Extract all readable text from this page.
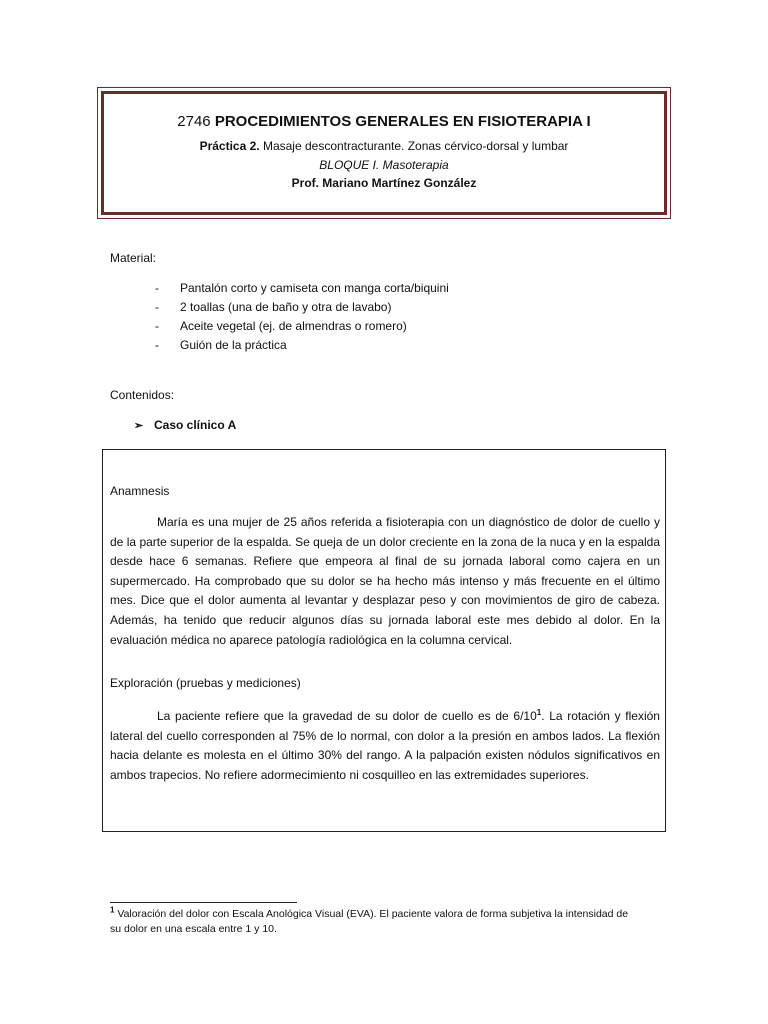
2746 PROCEDIMIENTOS GENERALES EN FISIOTERAPIA I
Práctica 2. Masaje descontracturante. Zonas cérvico-dorsal y lumbar
BLOQUE I. Masoterapia
Prof. Mariano Martínez González
Material:
- Pantalón corto y camiseta con manga corta/biquini
- 2 toallas (una de baño y otra de lavabo)
- Aceite vegetal (ej. de almendras o romero)
- Guión de la práctica
Contenidos:
➢ Caso clínico A
Anamnesis
María es una mujer de 25 años referida a fisioterapia con un diagnóstico de dolor de cuello y de la parte superior de la espalda. Se queja de un dolor creciente en la zona de la nuca y en la espalda desde hace 6 semanas. Refiere que empeora al final de su jornada laboral como cajera en un supermercado. Ha comprobado que su dolor se ha hecho más intenso y más frecuente en el último mes. Dice que el dolor aumenta al levantar y desplazar peso y con movimientos de giro de cabeza. Además, ha tenido que reducir algunos días su jornada laboral este mes debido al dolor. En la evaluación médica no aparece patología radiológica en la columna cervical.
Exploración (pruebas y mediciones)
La paciente refiere que la gravedad de su dolor de cuello es de $6/10^1$. La rotación y flexión lateral del cuello corresponden al 75% de lo normal, con dolor a la presión en ambos lados. La flexión hacia delante es molesta en el último 30% del rango. A la palpación existen nódulos significativos en ambos trapecios. No refiere adormecimiento ni cosquilleo en las extremidades superiores.
$^1$ Valoración del dolor con Escala Anológica Visual (EVA). El paciente valora de forma subjetiva la intensidad de su dolor en una escala entre 1 y 10.
